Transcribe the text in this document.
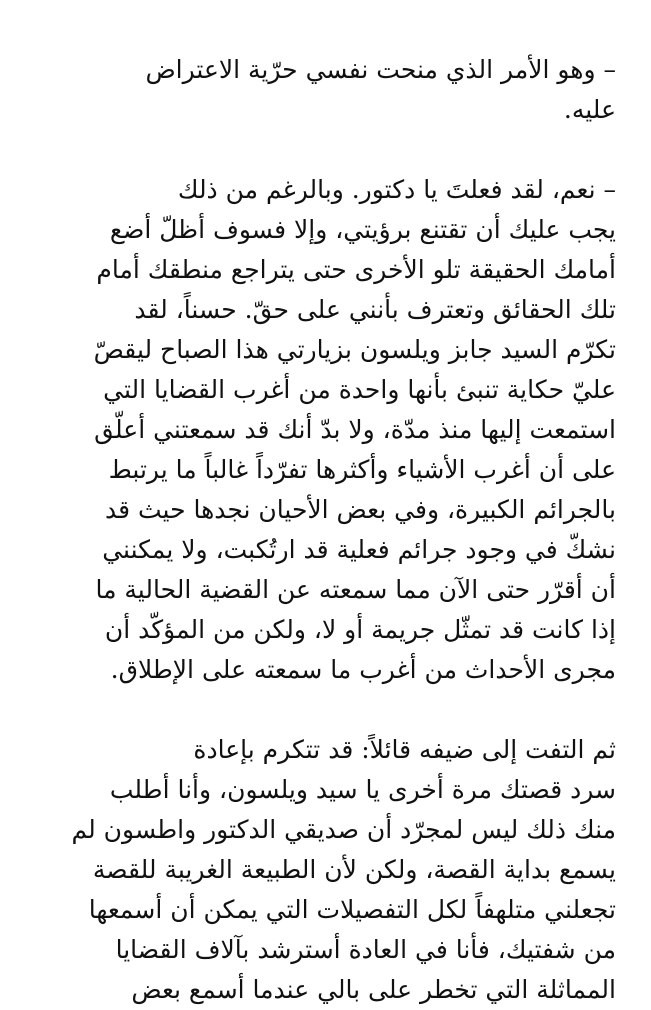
– وهو الأمر الذي منحت نفسي حرّية الاعتراض
عليه.

– نعم، لقد فعلتَ يا دكتور. وبالرغم من ذلك
يجب عليك أن تقتنع برؤيتي، وإلا فسوف أظلّ أضع
أمامك الحقيقة تلو الأخرى حتى يتراجع منطقك أمام
تلك الحقائق وتعترف بأنني على حقّ. حسناً، لقد
تكرّم السيد جابز ويلسون بزيارتي هذا الصباح ليقصّ
عليّ حكاية تنبئ بأنها واحدة من أغرب القضايا التي
استمعت إليها منذ مدّة، ولا بدّ أنك قد سمعتني أعلّق
على أن أغرب الأشياء وأكثرها تفرّداً غالباً ما يرتبط
بالجرائم الكبيرة، وفي بعض الأحيان نجدها حيث قد
نشكّ في وجود جرائم فعلية قد ارتُكبت، ولا يمكنني
أن أقرّر حتى الآن مما سمعته عن القضية الحالية ما
إذا كانت قد تمثّل جريمة أو لا، ولكن من المؤكّد أن
مجرى الأحداث من أغرب ما سمعته على الإطلاق.

ثم التفت إلى ضيفه قائلاً: قد تتكرم بإعادة
سرد قصتك مرة أخرى يا سيد ويلسون، وأنا أطلب
منك ذلك ليس لمجرّد أن صديقي الدكتور واطسون لم
يسمع بداية القصة، ولكن لأن الطبيعة الغريبة للقصة
تجعلني متلهفاً لكل التفصيلات التي يمكن أن أسمعها
من شفتيك، فأنا في العادة أسترشد بآلاف القضايا
المماثلة التي تخطر على بالي عندما أسمع بعض
